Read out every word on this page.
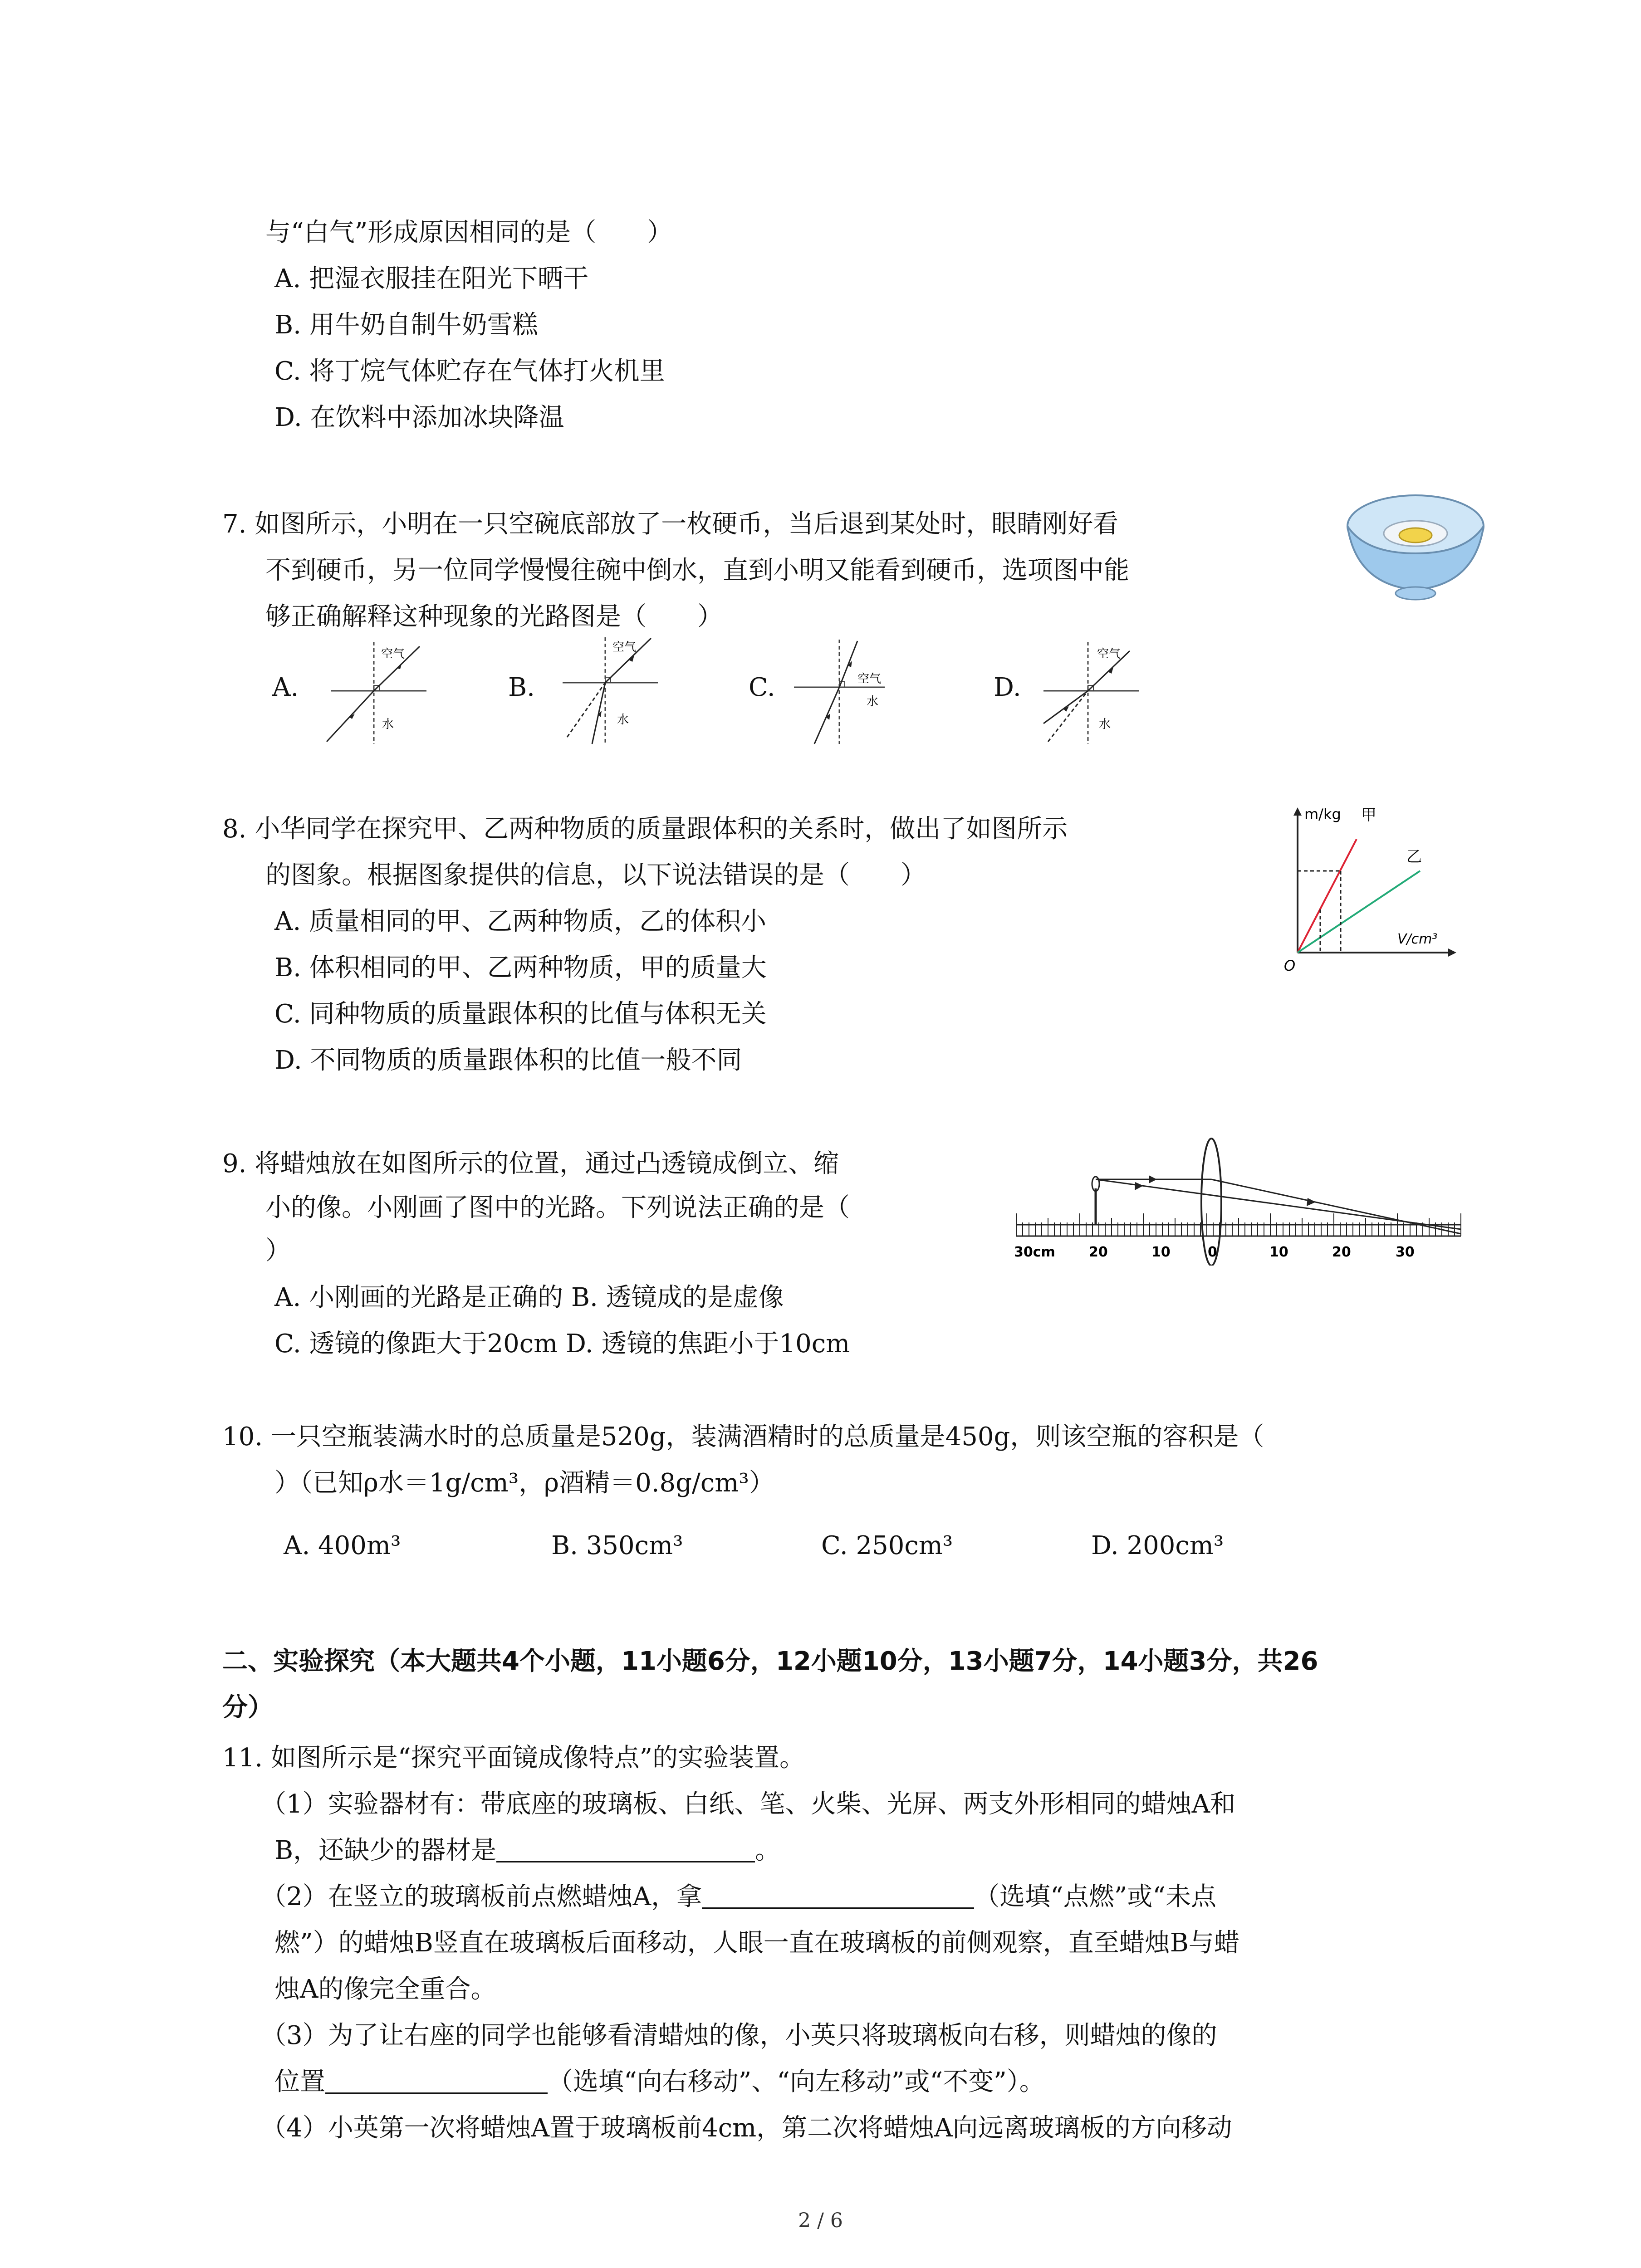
与“白气”形成原因相同的是（　　）
A. 把湿衣服挂在阳光下晒干
B. 用牛奶自制牛奶雪糕
C. 将丁烷气体贮存在气体打火机里
D. 在饮料中添加冰块降温
7. 如图所示，小明在一只空碗底部放了一枚硬币，当后退到某处时，眼睛刚好看
不到硬币，另一位同学慢慢往碗中倒水，直到小明又能看到硬币，选项图中能
够正确解释这种现象的光路图是（　　）
A.
空气
水
B.
空气
水
C.	空气
水	D.
空气
水
8. 小华同学在探究甲、乙两种物质的质量跟体积的关系时，做出了如图所示
的图象。根据图象提供的信息，以下说法错误的是（　　）
A. 质量相同的甲、乙两种物质，乙的体积小
B. 体积相同的甲、乙两种物质，甲的质量大
C. 同种物质的质量跟体积的比值与体积无关
D. 不同物质的质量跟体积的比值一般不同
m/kg 甲
乙
V/cm³
O
9. 将蜡烛放在如图所示的位置，通过凸透镜成倒立、缩
小的像。小刚画了图中的光路。下列说法正确的是（
）
A. 小刚画的光路是正确的 B. 透镜成的是虚像
C. 透镜的像距大于20cm D. 透镜的焦距小于10cm
30cm 20	10	0	10	20	30
10. 一只空瓶装满水时的总质量是520g，装满酒精时的总质量是450g，则该空瓶的容积是（
）（已知ρ水＝1g/cm³，ρ酒精＝0.8g/cm³）
A. 400m³	B. 350cm³	C. 250cm³	D. 200cm³
二、实验探究（本大题共4个小题，11小题6分，12小题10分，13小题7分，14小题3分，共26
分）
11. 如图所示是“探究平面镜成像特点”的实验装置。
（1）实验器材有：带底座的玻璃板、白纸、笔、火柴、光屏、两支外形相同的蜡烛A和
B，还缺少的器材是	。
（2）在竖立的玻璃板前点燃蜡烛A，拿	（选填“点燃”或“未点
燃”）的蜡烛B竖直在玻璃板后面移动，人眼一直在玻璃板的前侧观察，直至蜡烛B与蜡
烛A的像完全重合。
（3）为了让右座的同学也能够看清蜡烛的像，小英只将玻璃板向右移，则蜡烛的像的
位置	（选填“向右移动”、“向左移动”或“不变”）。
（4）小英第一次将蜡烛A置于玻璃板前4cm，第二次将蜡烛A向远离玻璃板的方向移动
2 / 6
